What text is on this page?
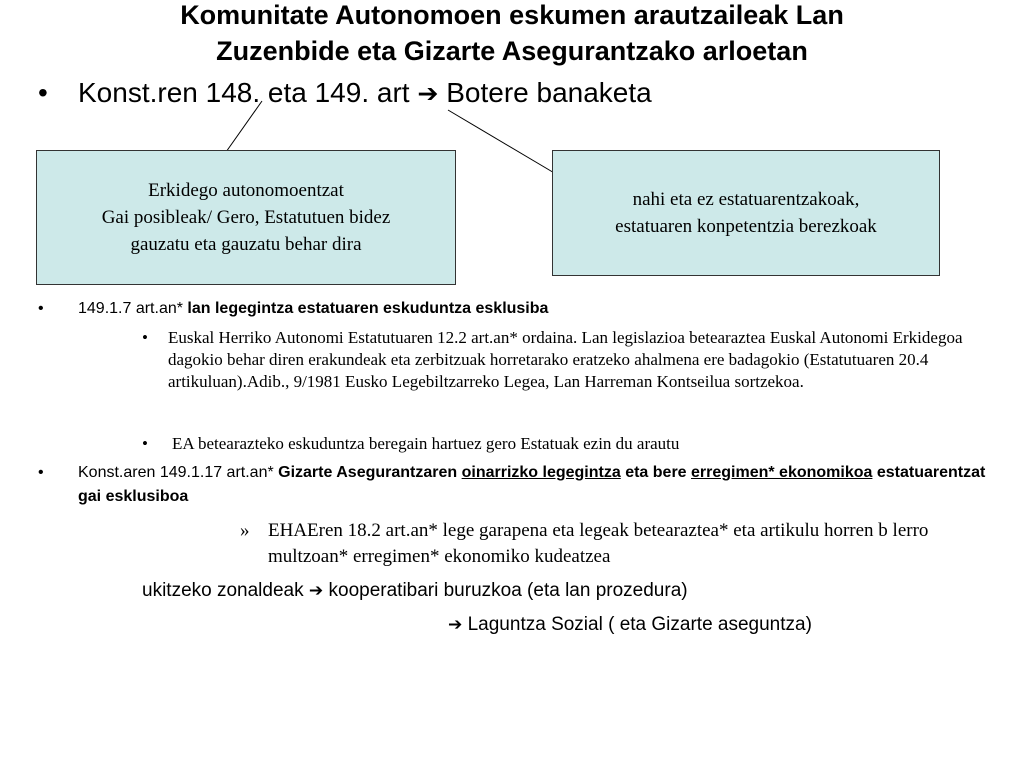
Komunitate Autonomoen eskumen arautzaileak Lan
Zuzenbide eta Gizarte Asegurantzako arloetan
• Konst.ren 148. eta 149. art ➔ Botere banaketa
Erkidego autonomoentzat
Gai posibleak/ Gero, Estatutuen bidez
gauzatu eta gauzatu behar dira
nahi eta ez estatuarentzakoak,
estatuaren konpetentzia berezkoak
• 149.1.7 art.an* lan legegintza estatuaren eskuduntza esklusiba
• Euskal Herriko Autonomi Estatutuaren 12.2 art.an* ordaina. Lan legislazioa betearaztea Euskal Autonomi Erkidegoa dagokio behar diren erakundeak eta zerbitzuak horretarako eratzeko ahalmena ere badagokio (Estatutuaren 20.4 artikuluan).Adib., 9/1981 Eusko Legebiltzarreko Legea, Lan Harreman Kontseilua sortzekoa.
• EA betearazteko eskuduntza beregain hartuez gero Estatuak ezin du arautu
• Konst.aren 149.1.17 art.an* Gizarte Asegurantzaren oinarrizko legegintza eta bere erregimen* ekonomikoa estatuarentzat gai esklusiboa
» EHAEren 18.2 art.an* lege garapena eta legeak betearaztea* eta artikulu horren b lerro multzoan* erregimen* ekonomiko kudeatzea
ukitzeko zonaldeak ➔ kooperatibari buruzkoa (eta lan prozedura)
➔ Laguntza Sozial ( eta Gizarte aseguntza)
